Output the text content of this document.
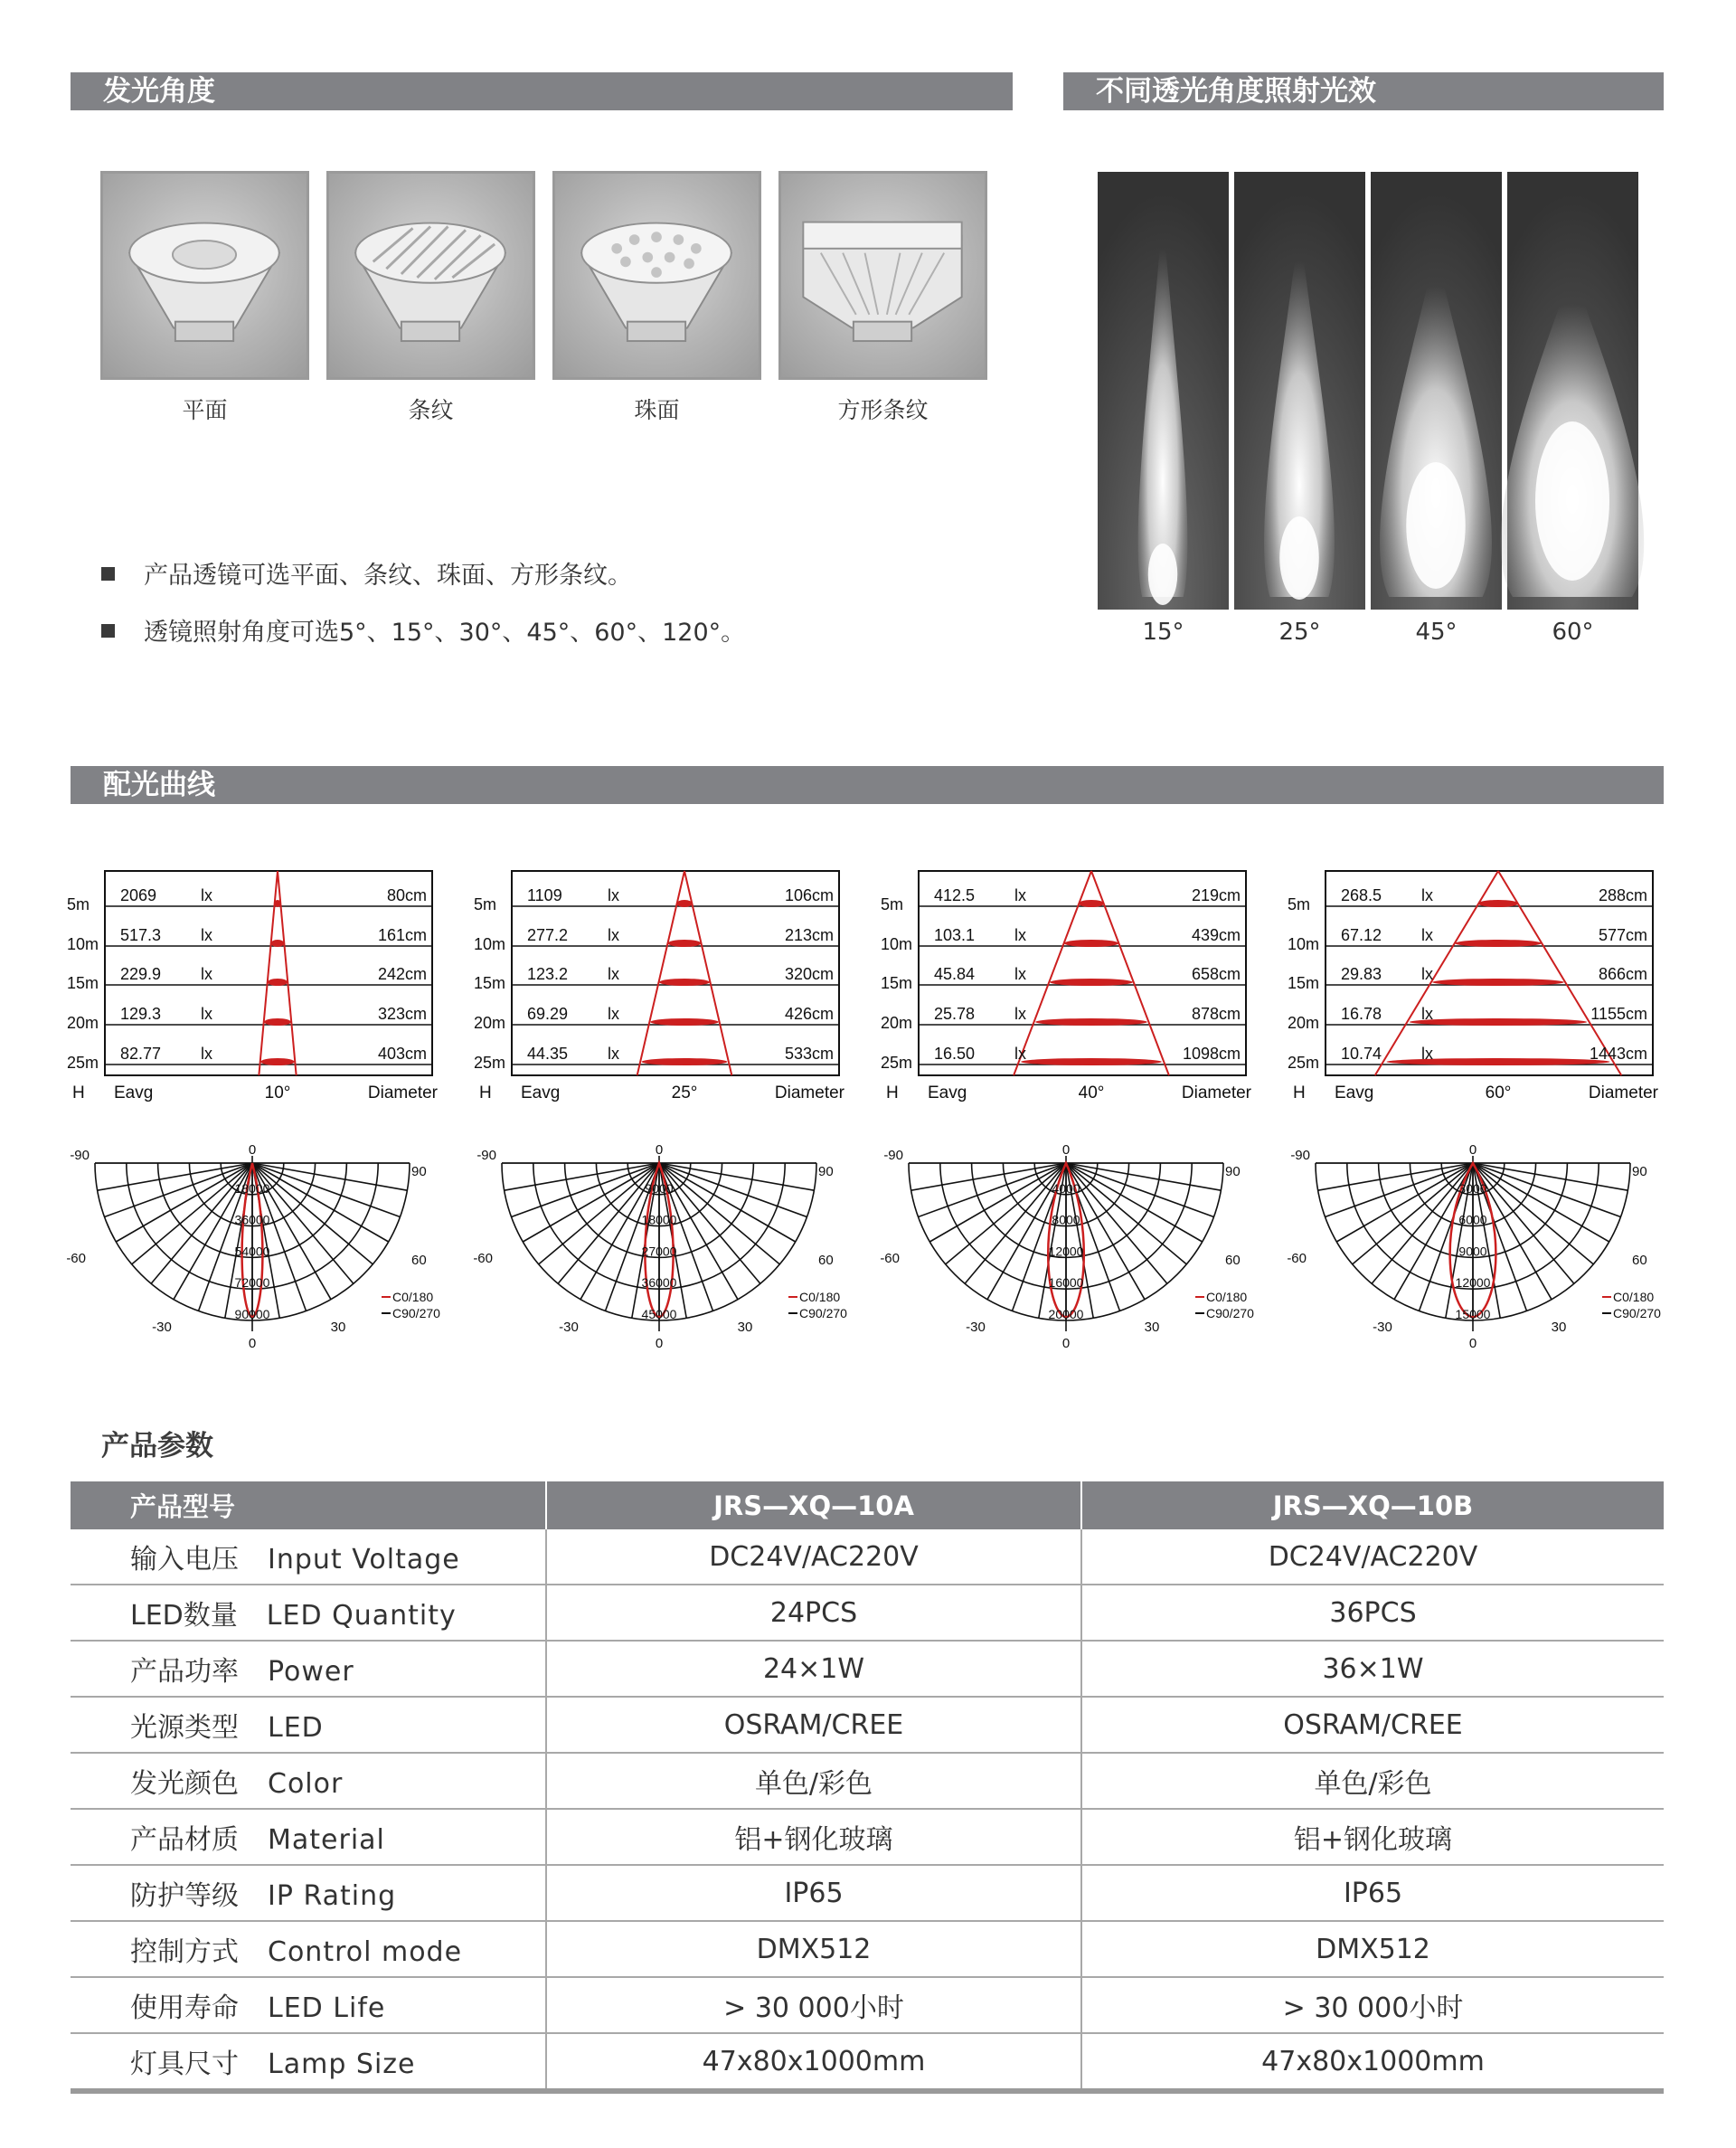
发光角度	不同透光角度照射光效
配光曲线
平面	条纹	珠面	方形条纹
产品透镜可选平面、条纹、珠面、方形条纹。
透镜照射角度可选5°、15°、30°、45°、60°、120°。	15°	25°	45°	60°
5m 2069	lx	80cm
10m 517.3 lx	161cm
15m 229.9 lx	242cm
20m 129.3 lx	323cm
25m 82.77 lx	403cm
H Eavg	10°	Diameter
18000
36000
54000
72000
90000
0
0
-90
90
-60	60
-30	30
C0/180
C90/270
5m 1109	lx	106cm
10m 277.2 lx	213cm
15m 123.2 lx	320cm
20m 69.29 lx	426cm
25m 44.35 lx	533cm
H Eavg	25°	Diameter
9000
18000
27000
36000
45000
0
0
-90
90
-60	60
-30	30
C0/180
C90/270
5m 412.5 lx	219cm
10m 103.1 lx	439cm
15m 45.84 lx	658cm
20m 25.78 lx	878cm
25m 16.50 lx	1098cm
H Eavg	40°	Diameter
4000
8000
12000
16000
20000
0
0
-90
90
-60	60
-30	30
C0/180
C90/270
5m 268.5 lx	288cm
10m 67.12 lx	577cm
15m 29.83 lx	866cm
20m 16.78 lx	1155cm
25m 10.74 lx	1443cm
H Eavg	60°	Diameter
3000
6000
9000
12000
15000
0
0
-90
90
-60	60
-30	30
C0/180
C90/270
产品参数
产品型号	JRS—XQ—10A	JRS—XQ—10B
输入电压 Input Voltage	DC24V/AC220V	DC24V/AC220V
LED数量 LED Quantity	24PCS	36PCS
产品功率 Power	24×1W	36×1W
光源类型 LED	OSRAM/CREE	OSRAM/CREE
发光颜色 Color	单色/彩色	单色/彩色
产品材质 Material	铝+钢化玻璃	铝+钢化玻璃
防护等级 IP Rating	IP65	IP65
控制方式 Control mode	DMX512	DMX512
使用寿命 LED Life	> 30 000小时	> 30 000小时
灯具尺寸 Lamp Size	47x80x1000mm	47x80x1000mm
